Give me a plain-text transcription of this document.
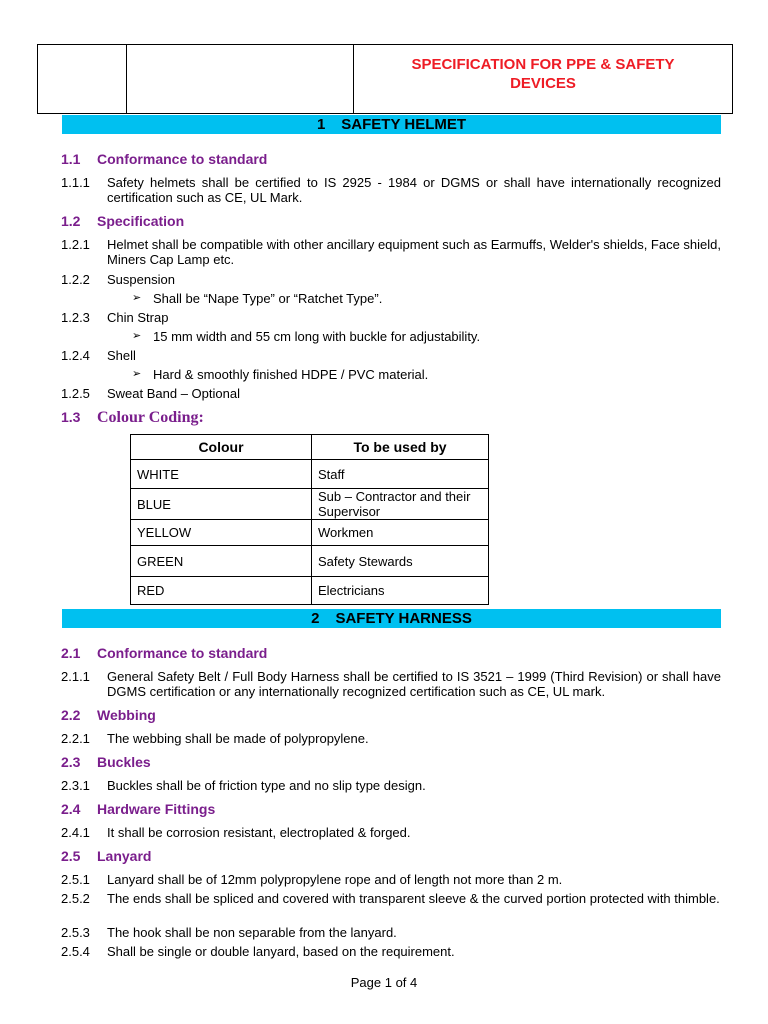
SPECIFICATION FOR PPE & SAFETY
DEVICES
1 SAFETY HELMET
1.1 Conformance to standard
1.1.1 Safety helmets shall be certified to IS 2925 - 1984 or DGMS or shall have internationally recognized certification such as CE, UL Mark.
1.2 Specification
1.2.1 Helmet shall be compatible with other ancillary equipment such as Earmuffs, Welder's shields, Face shield, Miners Cap Lamp etc.
1.2.2 Suspension
➢ Shall be “Nape Type” or “Ratchet Type”.
1.2.3 Chin Strap
➢ 15 mm width and 55 cm long with buckle for adjustability.
1.2.4 Shell
➢ Hard & smoothly finished HDPE / PVC material.
1.2.5 Sweat Band – Optional
1.3 Colour Coding:
Colour	To be used by
WHITE	Staff
BLUE	Sub – Contractor and their Supervisor
YELLOW	Workmen
GREEN	Safety Stewards
RED	Electricians
2 SAFETY HARNESS
2.1 Conformance to standard
2.1.1 General Safety Belt / Full Body Harness shall be certified to IS 3521 – 1999 (Third Revision) or shall have DGMS certification or any internationally recognized certification such as CE, UL mark.
2.2 Webbing
2.2.1 The webbing shall be made of polypropylene.
2.3 Buckles
2.3.1 Buckles shall be of friction type and no slip type design.
2.4 Hardware Fittings
2.4.1 It shall be corrosion resistant, electroplated & forged.
2.5 Lanyard
2.5.1 Lanyard shall be of 12mm polypropylene rope and of length not more than 2 m.
2.5.2 The ends shall be spliced and covered with transparent sleeve & the curved portion protected with thimble.
2.5.3 The hook shall be non separable from the lanyard.
2.5.4 Shall be single or double lanyard, based on the requirement.
Page 1 of 4
